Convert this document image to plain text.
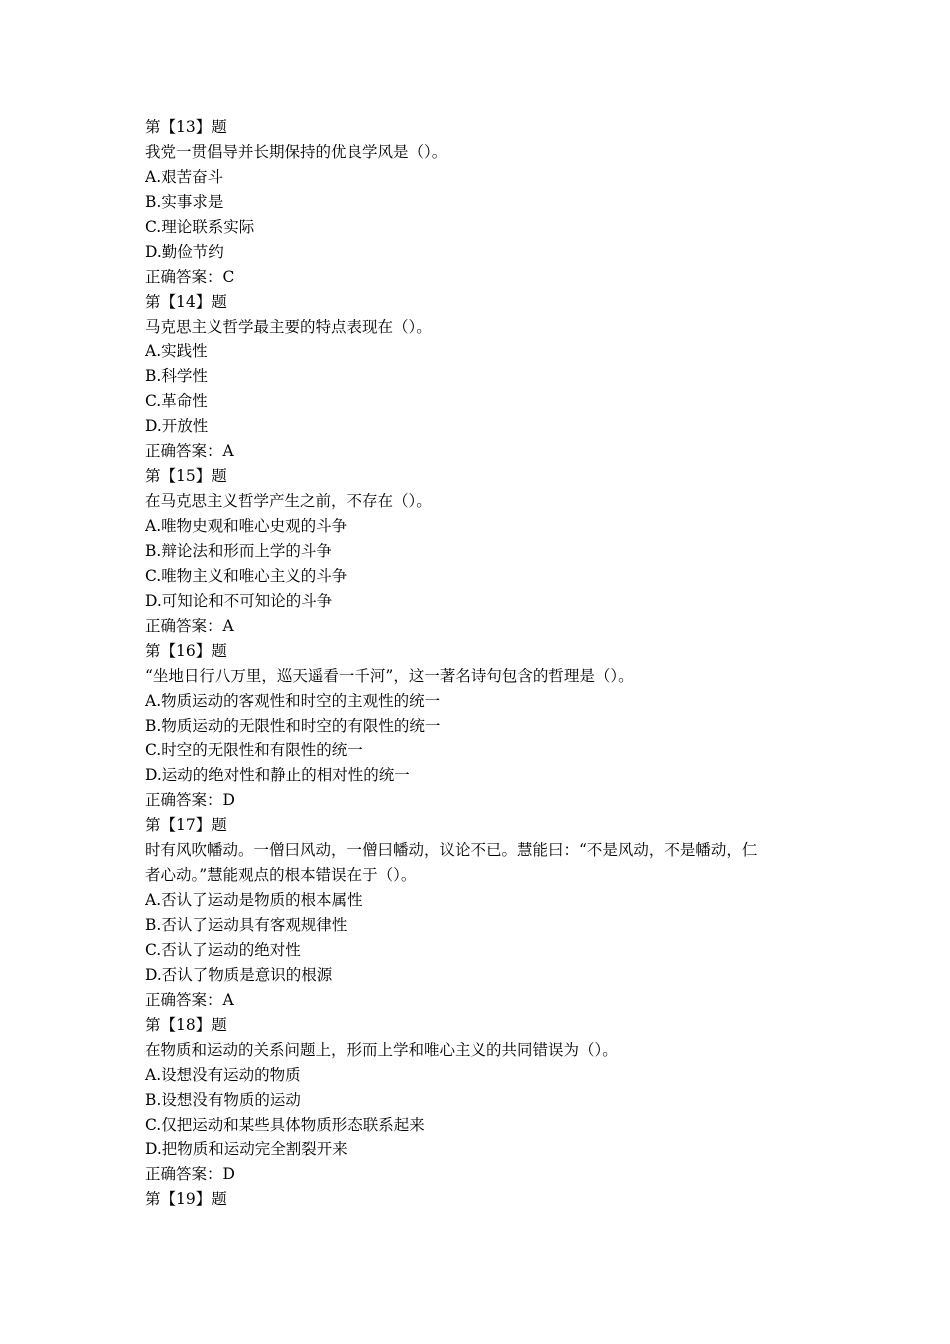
第【13】题
我党一贯倡导并长期保持的优良学风是（）。
A.艰苦奋斗
B.实事求是
C.理论联系实际
D.勤俭节约
正确答案：C
第【14】题
马克思主义哲学最主要的特点表现在（）。
A.实践性
B.科学性
C.革命性
D.开放性
正确答案：A
第【15】题
在马克思主义哲学产生之前，不存在（）。
A.唯物史观和唯心史观的斗争
B.辩论法和形而上学的斗争
C.唯物主义和唯心主义的斗争
D.可知论和不可知论的斗争
正确答案：A
第【16】题
“坐地日行八万里，巡天遥看一千河”，这一著名诗句包含的哲理是（）。
A.物质运动的客观性和时空的主观性的统一
B.物质运动的无限性和时空的有限性的统一
C.时空的无限性和有限性的统一
D.运动的绝对性和静止的相对性的统一
正确答案：D
第【17】题
时有风吹幡动。一僧曰风动，一僧曰幡动，议论不已。慧能曰：“不是风动，不是幡动，仁
者心动。”慧能观点的根本错误在于（）。
A.否认了运动是物质的根本属性
B.否认了运动具有客观规律性
C.否认了运动的绝对性
D.否认了物质是意识的根源
正确答案：A
第【18】题
在物质和运动的关系问题上，形而上学和唯心主义的共同错误为（）。
A.设想没有运动的物质
B.设想没有物质的运动
C.仅把运动和某些具体物质形态联系起来
D.把物质和运动完全割裂开来
正确答案：D
第【19】题
